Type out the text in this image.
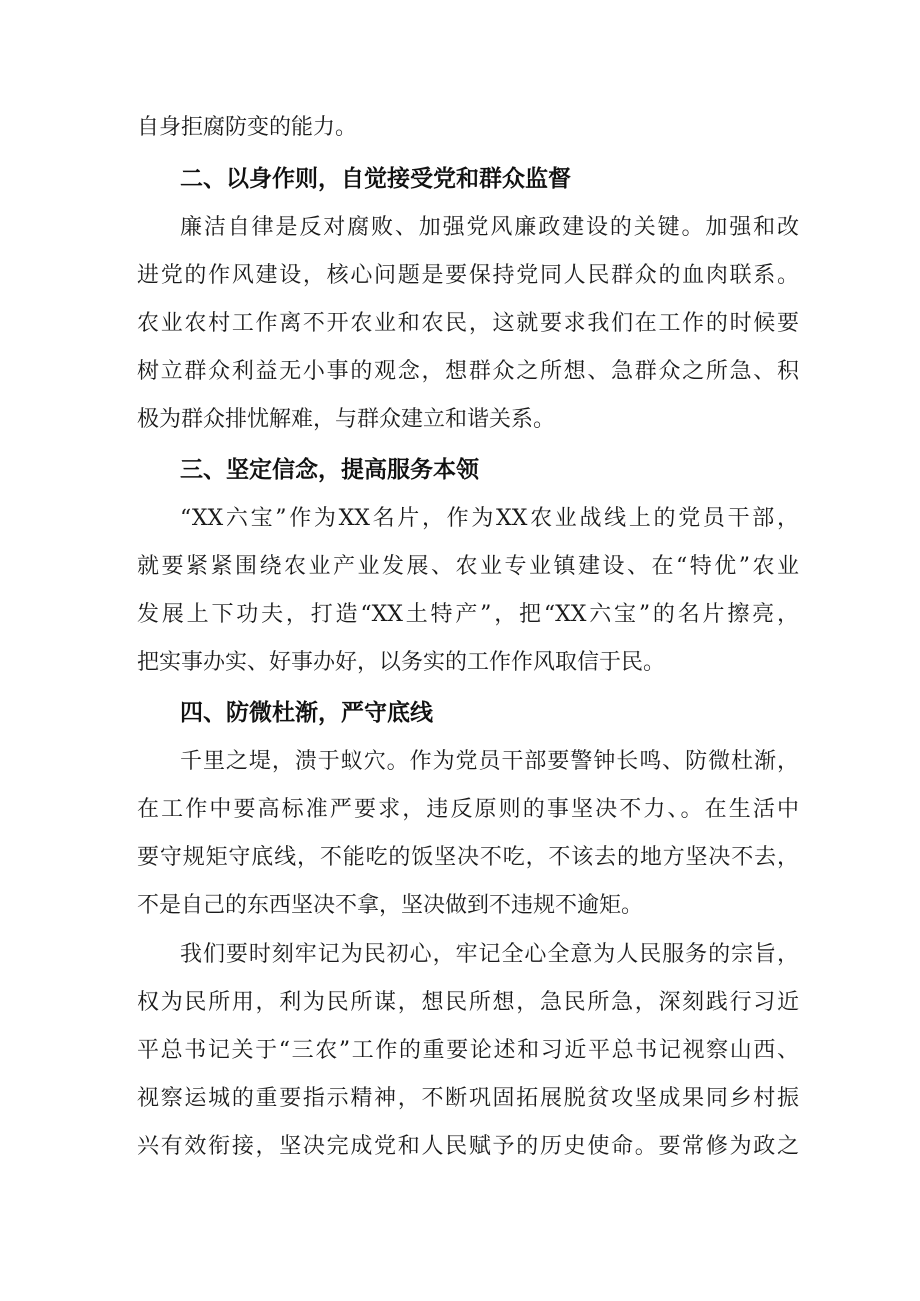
自身拒腐防变的能力。
二、以身作则，自觉接受党和群众监督
廉洁自律是反对腐败、加强党风廉政建设的关键。加强和改
进党的作风建设，核心问题是要保持党同人民群众的血肉联系。
农业农村工作离不开农业和农民，这就要求我们在工作的时候要
树立群众利益无小事的观念，想群众之所想、急群众之所急、积
极为群众排忧解难，与群众建立和谐关系。
三、坚定信念，提高服务本领
“XX六宝”作为XX名片，作为XX农业战线上的党员干部，
就要紧紧围绕农业产业发展、农业专业镇建设、在“特优”农业
发展上下功夫，打造“XX土特产”，把“XX六宝”的名片擦亮，
把实事办实、好事办好，以务实的工作作风取信于民。
四、防微杜渐，严守底线
千里之堤，溃于蚁穴。作为党员干部要警钟长鸣、防微杜渐，
在工作中要高标准严要求，违反原则的事坚决不力、。在生活中
要守规矩守底线，不能吃的饭坚决不吃，不该去的地方坚决不去，
不是自己的东西坚决不拿，坚决做到不违规不逾矩。
我们要时刻牢记为民初心，牢记全心全意为人民服务的宗旨，
权为民所用，利为民所谋，想民所想，急民所急，深刻践行习近
平总书记关于“三农”工作的重要论述和习近平总书记视察山西、
视察运城的重要指示精神，不断巩固拓展脱贫攻坚成果同乡村振
兴有效衔接，坚决完成党和人民赋予的历史使命。要常修为政之
